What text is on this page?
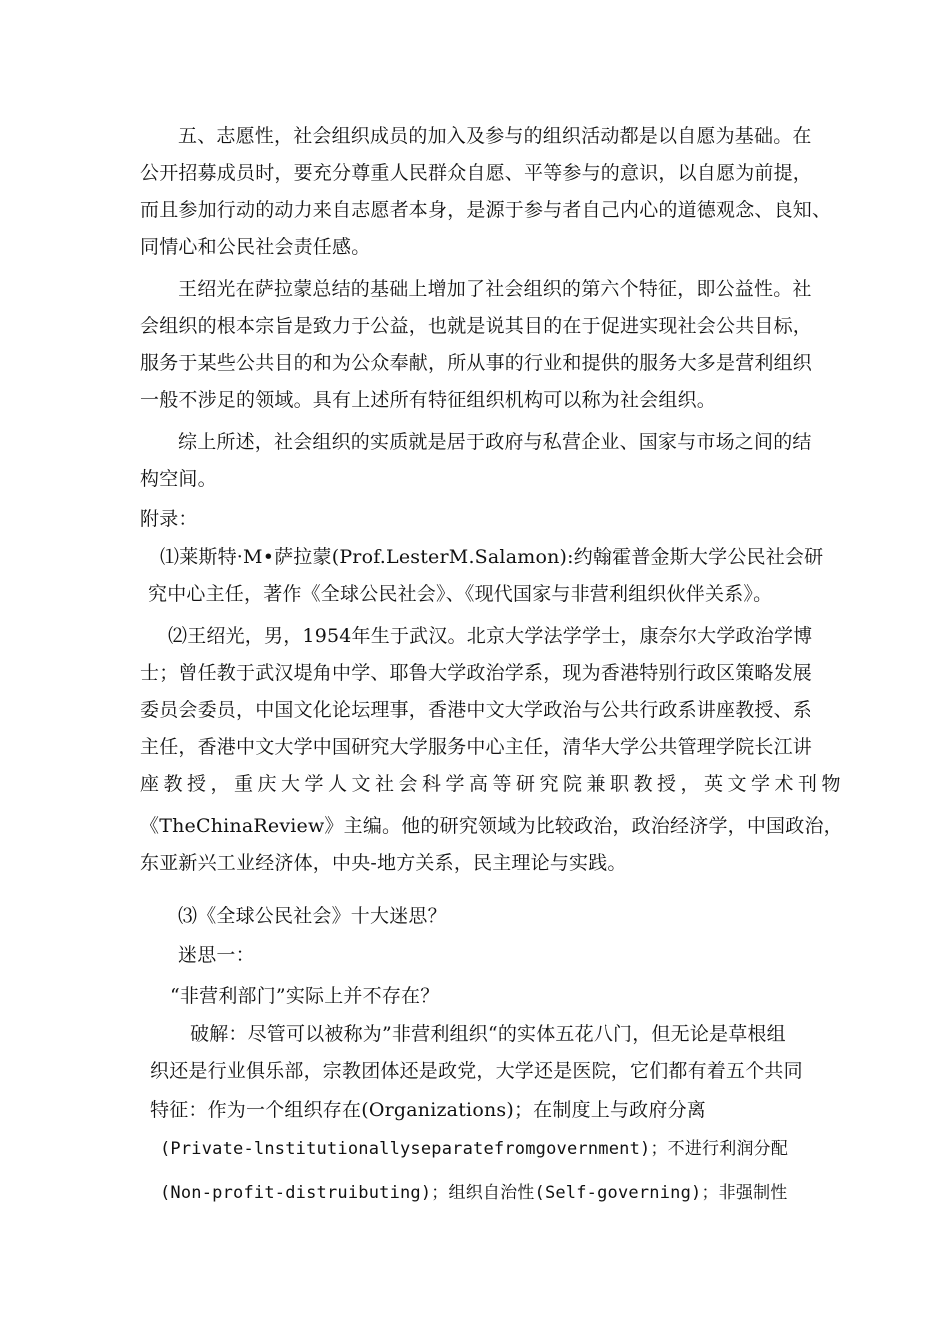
五、志愿性，社会组织成员的加入及参与的组织活动都是以自愿为基础。在
公开招募成员时，要充分尊重人民群众自愿、平等参与的意识，以自愿为前提，
而且参加行动的动力来自志愿者本身，是源于参与者自己内心的道德观念、良知、
同情心和公民社会责任感。
王绍光在萨拉蒙总结的基础上增加了社会组织的第六个特征，即公益性。社
会组织的根本宗旨是致力于公益，也就是说其目的在于促进实现社会公共目标，
服务于某些公共目的和为公众奉献，所从事的行业和提供的服务大多是营利组织
一般不涉足的领域。具有上述所有特征组织机构可以称为社会组织。
综上所述，社会组织的实质就是居于政府与私营企业、国家与市场之间的结
构空间。
附录：
⑴莱斯特·M•萨拉蒙(Prof.LesterM.Salamon):约翰霍普金斯大学公民社会研
究中心主任，著作《全球公民社会》、《现代国家与非营利组织伙伴关系》。
⑵王绍光，男，1954年生于武汉。北京大学法学学士，康奈尔大学政治学博
士；曾任教于武汉堤角中学、耶鲁大学政治学系，现为香港特别行政区策略发展
委员会委员，中国文化论坛理事，香港中文大学政治与公共行政系讲座教授、系
主任，香港中文大学中国研究大学服务中心主任，清华大学公共管理学院长江讲
座教授，重庆大学人文社会科学高等研究院兼职教授，英文学术刊物
《TheChinaReview》主编。他的研究领域为比较政治，政治经济学，中国政治，
东亚新兴工业经济体，中央-地方关系，民主理论与实践。
⑶《全球公民社会》十大迷思？
迷思一：
“非营利部门”实际上并不存在？
破解：尽管可以被称为”非营利组织“的实体五花八门，但无论是草根组
织还是行业俱乐部，宗教团体还是政党，大学还是医院，它们都有着五个共同
特征：作为一个组织存在(Organizations)；在制度上与政府分离
(Private-lnstitutionallyseparatefromgovernment)；不进行利润分配
(Non-profit-distruibuting)；组织自治性(Self-governing)；非强制性
